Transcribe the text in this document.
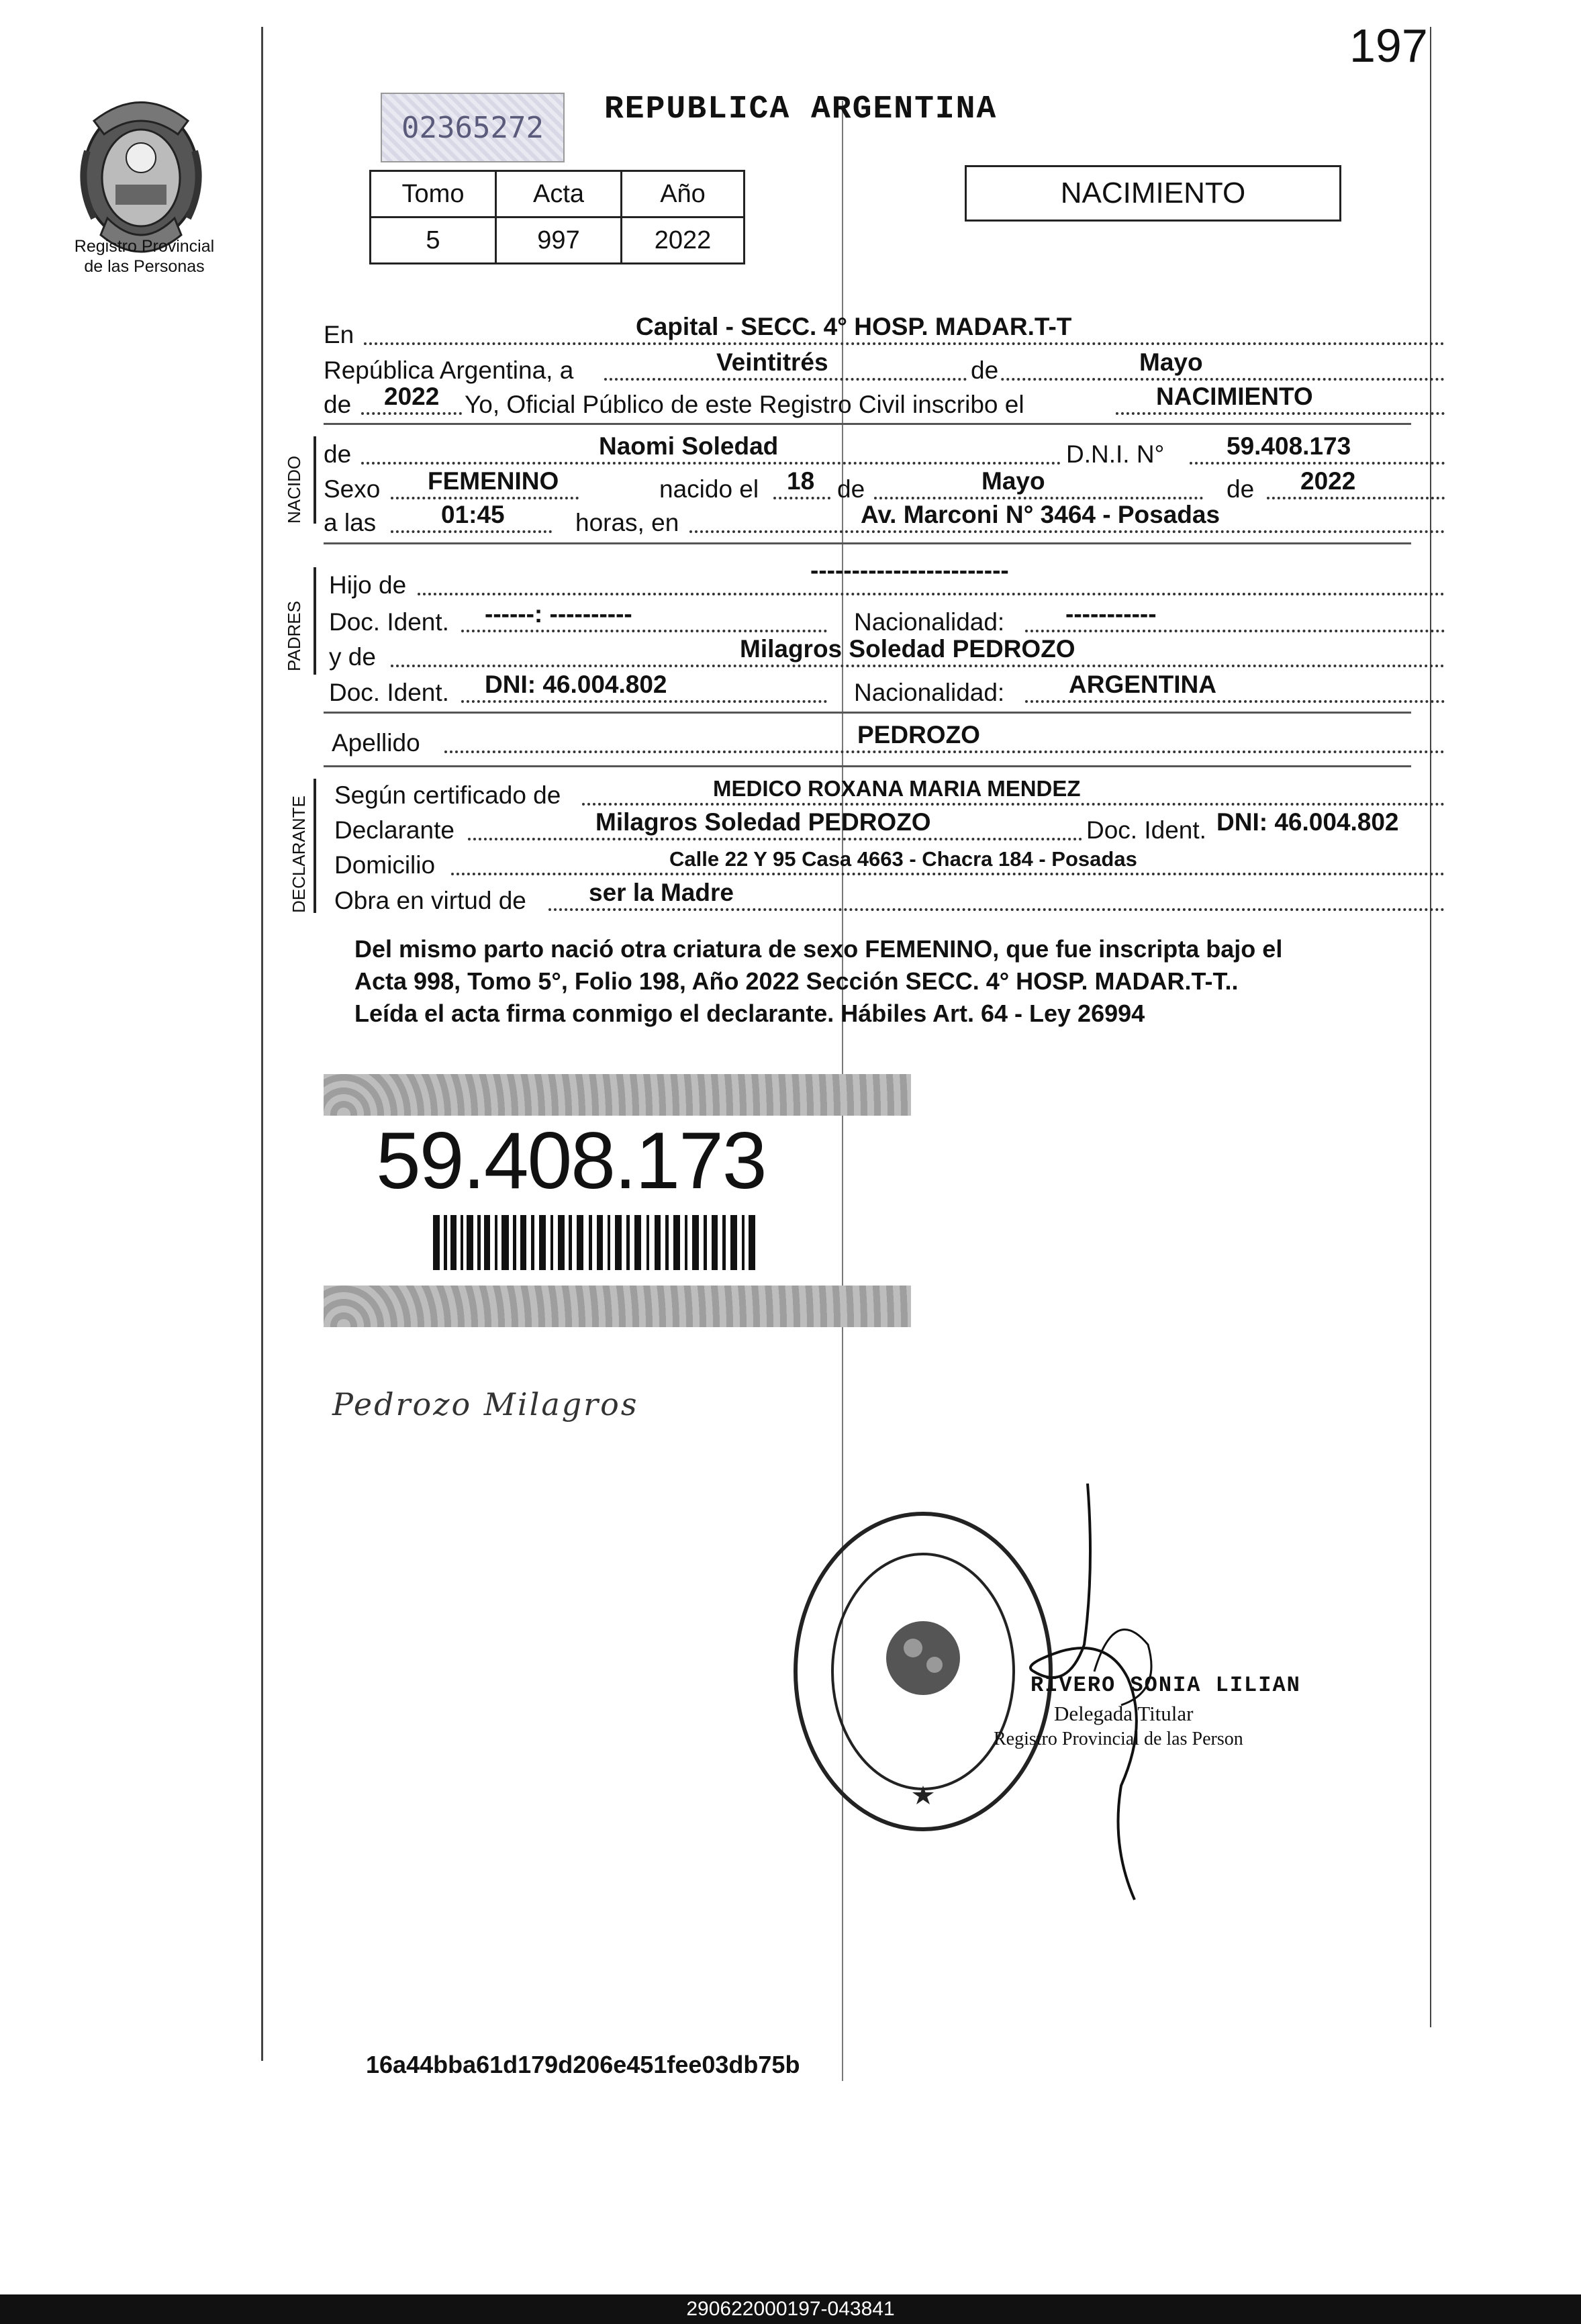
197
Registro Provincial
de las Personas
02365272	REPUBLICA ARGENTINA
Tomo	Acta	Año
5	997	2022
NACIMIENTO
En	Capital - SECC. 4° HOSP. MADAR.T-T
República Argentina, a	Veintitrés	de	Mayo
de 2022 Yo, Oficial Público de este Registro Civil inscribo el	NACIMIENTO
NACIDO
de	Naomi Soledad	D.N.I. N°	59.408.173
Sexo FEMENINO	nacido el 18 de	Mayo	de 2022
a las	01:45	horas, en	Av. Marconi N° 3464 - Posadas
PADRES
Hijo de
------------------------
Doc. Ident. ------: ----------	Nacionalidad: -----------
y de	Milagros Soledad PEDROZO
Doc. Ident. DNI: 46.004.802	Nacionalidad:	ARGENTINA
Apellido	PEDROZO
DECLARANTE
Según certificado de	MEDICO ROXANA MARIA MENDEZ
Declarante	Milagros Soledad PEDROZO	Doc. Ident. DNI: 46.004.802
Domicilio	Calle 22 Y 95 Casa 4663 - Chacra 184 - Posadas
Obra en virtud de	ser la Madre
Del mismo parto nació otra criatura de sexo FEMENINO, que fue inscripta bajo el
Acta 998, Tomo 5°, Folio 198, Año 2022 Sección SECC. 4° HOSP. MADAR.T-T..
Leída el acta firma conmigo el declarante. Hábiles Art. 64 - Ley 26994
59.408.173
Pedrozo Milagros
RIVERO SONIA LILIAN
Delegada Titular
Registro Provincial de las Person
16a44bba61d179d206e451fee03db75b
290622000197-043841
